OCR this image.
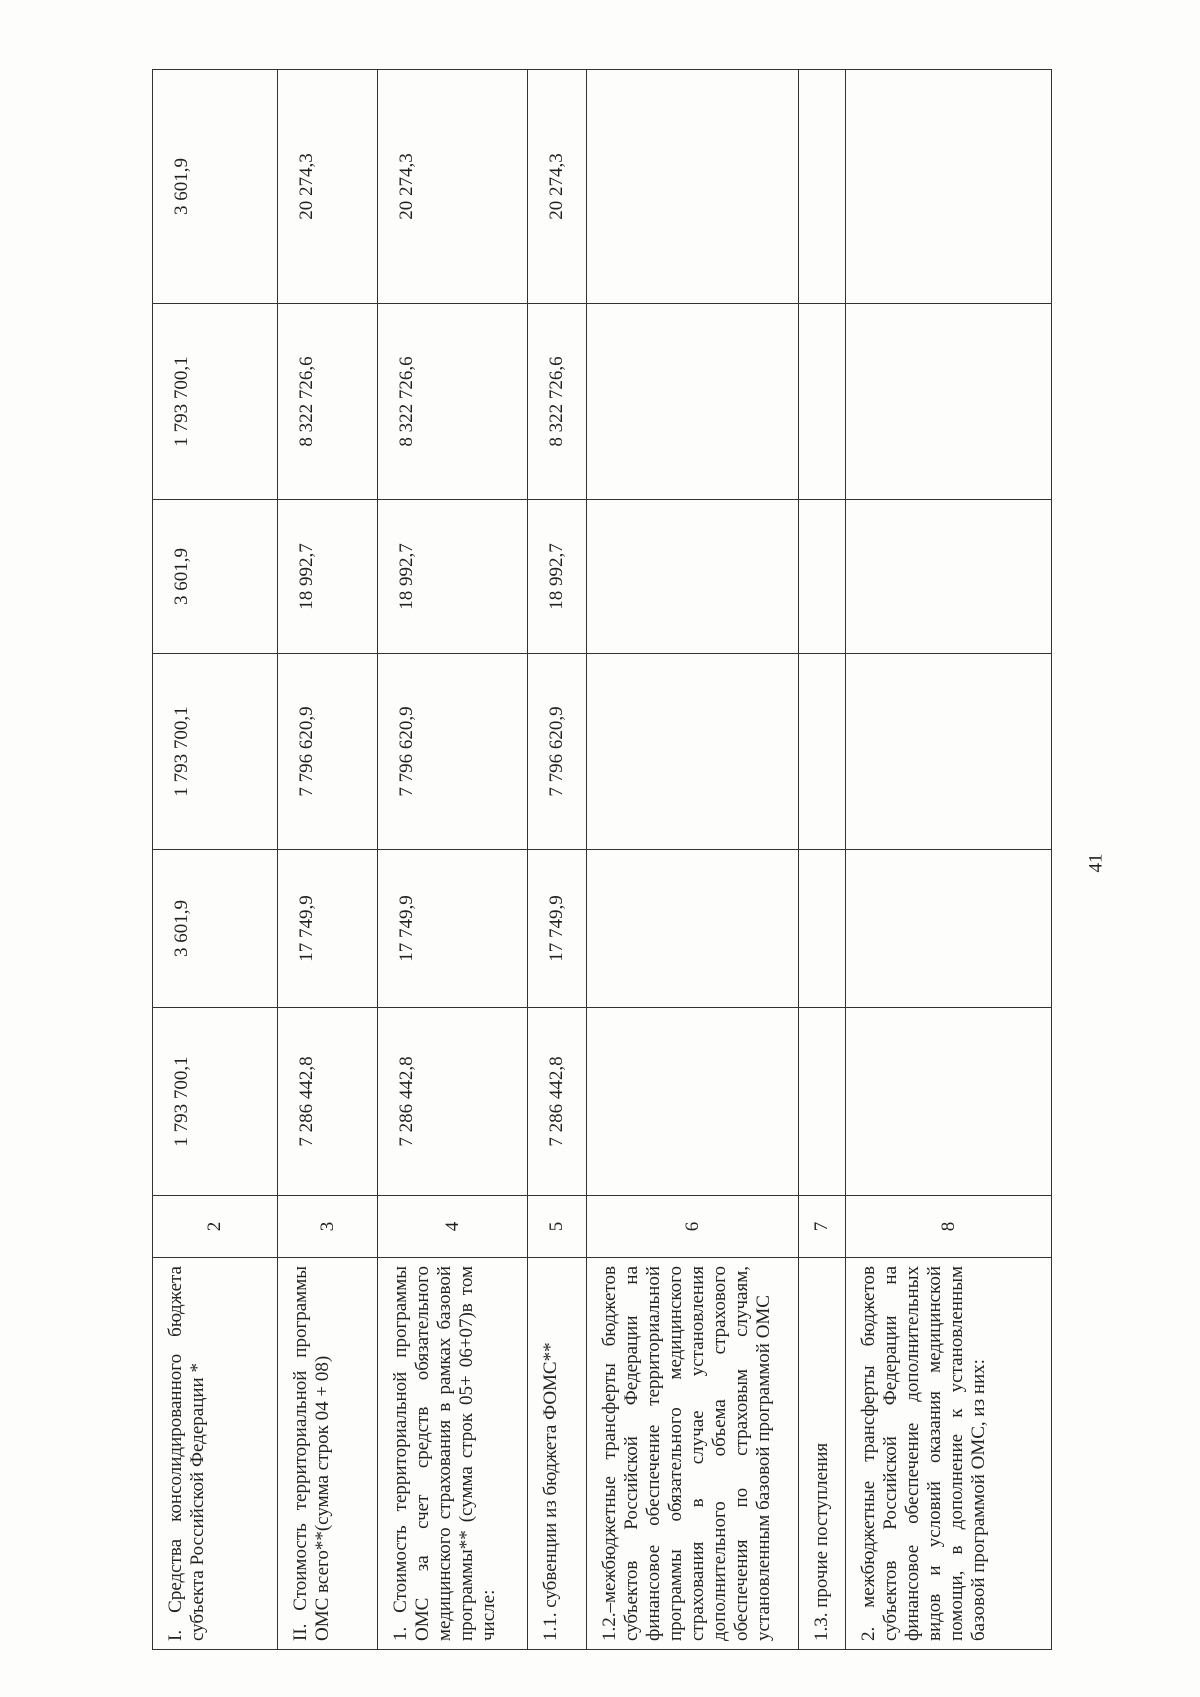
41
I. Средства консолидированного бюджета субъекта Российской Федерации *	2	1 793 700,1	3 601,9	1 793 700,1	3 601,9	1 793 700,1	3 601,9
II. Стоимость территориальной программы ОМС всего**(сумма строк 04 + 08)	3	7 286 442,8	17 749,9	7 796 620,9	18 992,7	8 322 726,6	20 274,3
1. Стоимость территориальной программы ОМС за счет средств обязательного медицинского страхования в рамках базовой программы** (сумма строк 05+ 06+07)в том числе:	4	7 286 442,8	17 749,9	7 796 620,9	18 992,7	8 322 726,6	20 274,3
1.1. субвенции из бюджета ФОМС**	5	7 286 442,8	17 749,9	7 796 620,9	18 992,7	8 322 726,6	20 274,3
1.2.–межбюджетные трансферты бюджетов субъектов Российской Федерации на финансовое обеспечение территориальной программы обязательного медицинского страхования в случае установления дополнительного объема страхового обеспечения по страховым случаям, установленным базовой программой ОМС	6						
1.3. прочие поступления	7						
2. межбюджетные трансферты бюджетов субъектов Российской Федерации на финансовое обеспечение дополнительных видов и условий оказания медицинской помощи, в дополнение к установленным базовой программой ОМС, из них:	8						
